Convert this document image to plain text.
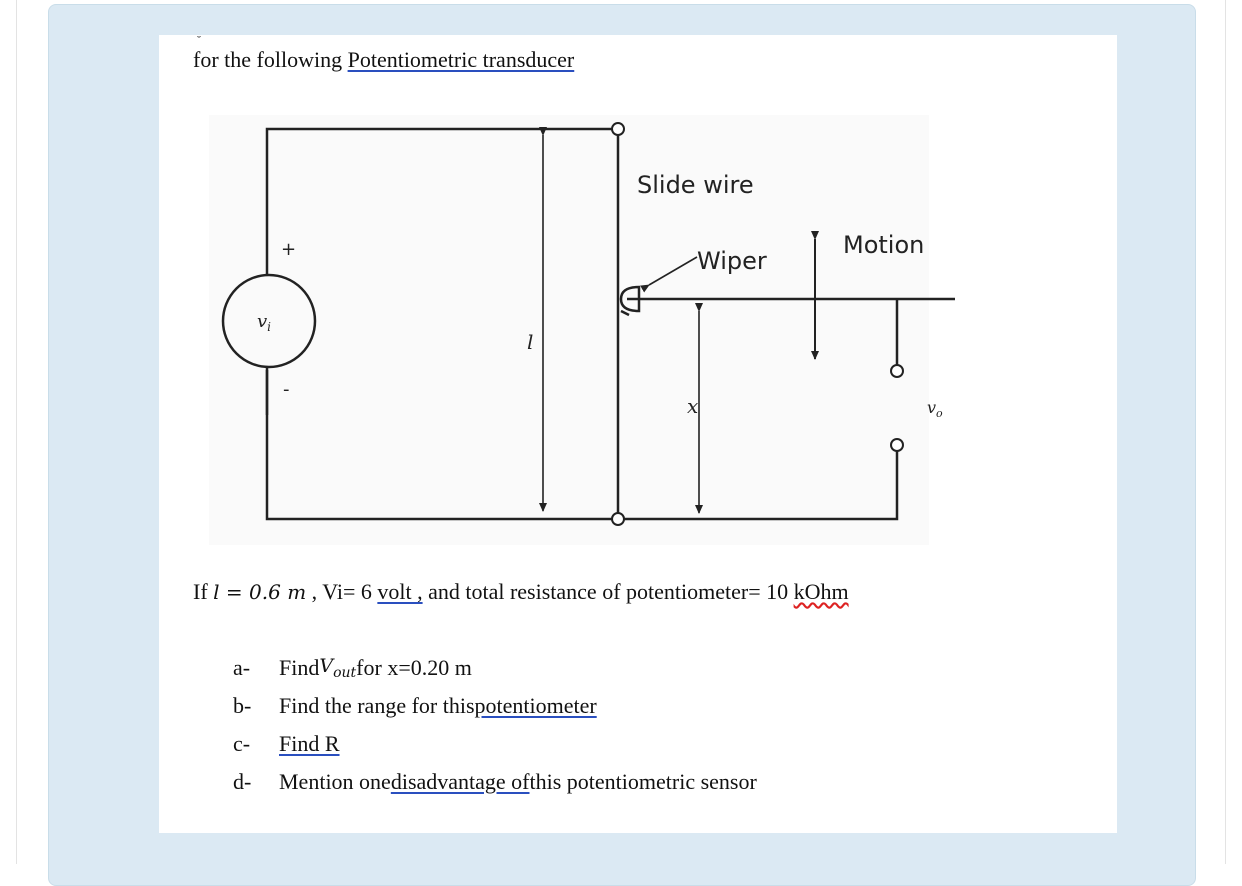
˘
for the following Potentiometric transducer
Slide wire
Wiper
Motion
+
-
$v_i$
l
x	$v_o$
If l = 0.6 m , Vi= 6 volt , and total resistance of potentiometer= 10 kOhm
a-	Find $V_{out}$ for x=0.20 m
b-	Find the range for this potentiometer
c-	Find R
d-	Mention one disadvantage of this potentiometric sensor
